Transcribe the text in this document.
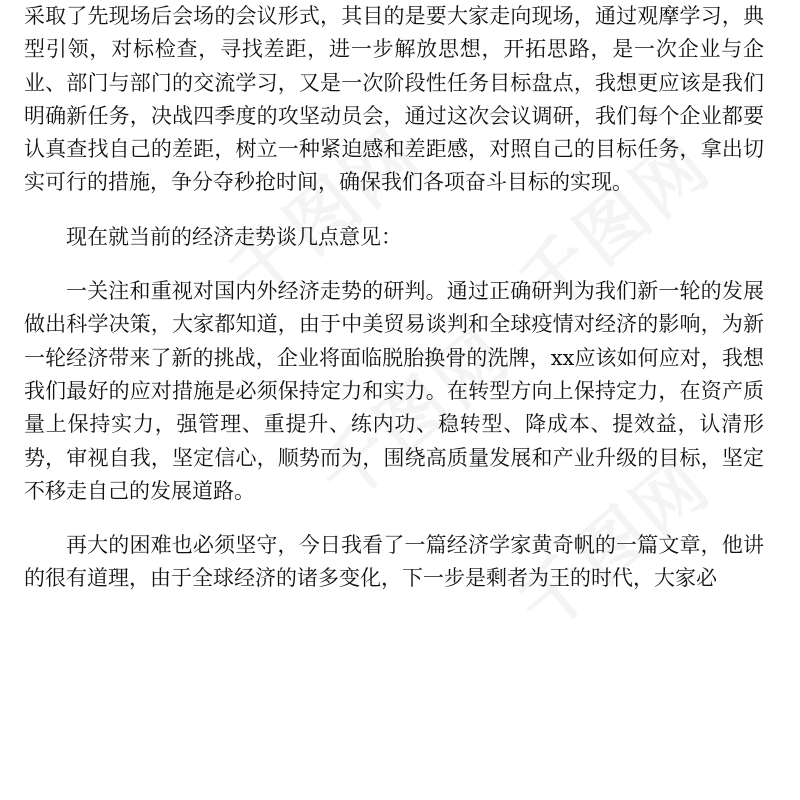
采取了先现场后会场的会议形式，其目的是要大家走向现场，通过观摩学习，典型引领，对标检查，寻找差距，进一步解放思想，开拓思路，是一次企业与企业、部门与部门的交流学习，又是一次阶段性任务目标盘点，我想更应该是我们明确新任务，决战四季度的攻坚动员会，通过这次会议调研，我们每个企业都要认真查找自己的差距，树立一种紧迫感和差距感，对照自己的目标任务，拿出切实可行的措施，争分夺秒抢时间，确保我们各项奋斗目标的实现。

现在就当前的经济走势谈几点意见：

一关注和重视对国内外经济走势的研判。通过正确研判为我们新一轮的发展做出科学决策，大家都知道，由于中美贸易谈判和全球疫情对经济的影响，为新一轮经济带来了新的挑战，企业将面临脱胎换骨的洗牌，xx应该如何应对，我想我们最好的应对措施是必须保持定力和实力。在转型方向上保持定力，在资产质量上保持实力，强管理、重提升、练内功、稳转型、降成本、提效益，认清形势，审视自我，坚定信心，顺势而为，围绕高质量发展和产业升级的目标，坚定不移走自己的发展道路。

再大的困难也必须坚守，今日我看了一篇经济学家黄奇帆的一篇文章，他讲的很有道理，由于全球经济的诸多变化，下一步是剩者为王的时代，大家必
